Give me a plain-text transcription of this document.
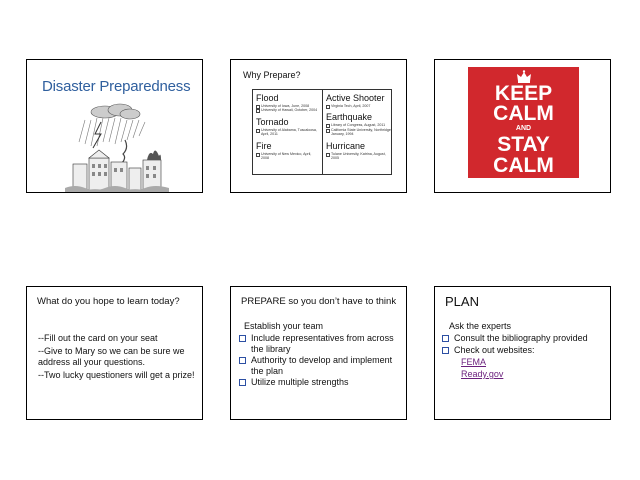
Disaster Preparedness
Why Prepare?
Flood
University of Iowa, June, 2008
University of Hawaii, October, 2004
Tornado
University of Alabama, Tuscaloosa, April, 2011
Fire
University of New Mexico, April, 2008
Active Shooter
Virginia Tech, April, 2007
Earthquake
Library of Congress, August, 2011
California State University, Northridge, January, 1994
Hurricane
Tulane University, Katrina, August, 2005
KEEP
CALM
AND
STAY
CALM
What do you hope to learn today?
--Fill out the card on your seat
--Give to Mary so we can be sure we address all your questions.
--Two lucky questioners will get a prize!
PREPARE so you don’t have to think
Establish your team
Include representatives from across the library
Authority to develop and implement the plan
Utilize multiple strengths
PLAN
Ask the experts
Consult the bibliography provided
Check out websites:
FEMA
Ready.gov
